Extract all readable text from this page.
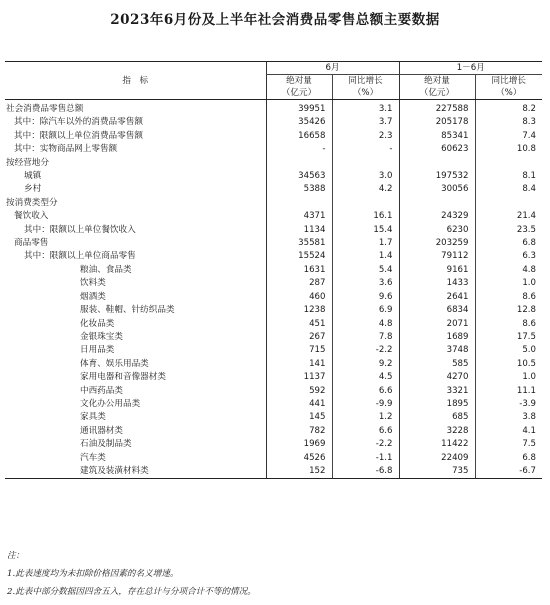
2023年6月份及上半年社会消费品零售总额主要数据
指　标	6月		1－6月	
	绝对量	同比增长	绝对量	同比增长
	（亿元）	（%）	（亿元）	（%）
社会消费品零售总额	39951	3.1	227588	8.2
其中：除汽车以外的消费品零售额	35426	3.7	205178	8.3
其中：限额以上单位消费品零售额	16658	2.3	85341	7.4
其中：实物商品网上零售额	-	-	60623	10.8
按经营地分				
城镇	34563	3.0	197532	8.1
乡村	5388	4.2	30056	8.4
按消费类型分				
餐饮收入	4371	16.1	24329	21.4
其中：限额以上单位餐饮收入	1134	15.4	6230	23.5
商品零售	35581	1.7	203259	6.8
其中：限额以上单位商品零售	15524	1.4	79112	6.3
粮油、食品类	1631	5.4	9161	4.8
饮料类	287	3.6	1433	1.0
烟酒类	460	9.6	2641	8.6
服装、鞋帽、针纺织品类	1238	6.9	6834	12.8
化妆品类	451	4.8	2071	8.6
金银珠宝类	267	7.8	1689	17.5
日用品类	715	-2.2	3748	5.0
体育、娱乐用品类	141	9.2	585	10.5
家用电器和音像器材类	1137	4.5	4270	1.0
中西药品类	592	6.6	3321	11.1
文化办公用品类	441	-9.9	1895	-3.9
家具类	145	1.2	685	3.8
通讯器材类	782	6.6	3228	4.1
石油及制品类	1969	-2.2	11422	7.5
汽车类	4526	-1.1	22409	6.8
建筑及装潢材料类	152	-6.8	735	-6.7
注：
1.此表速度均为未扣除价格因素的名义增速。
2.此表中部分数据因四舍五入，存在总计与分项合计不等的情况。
